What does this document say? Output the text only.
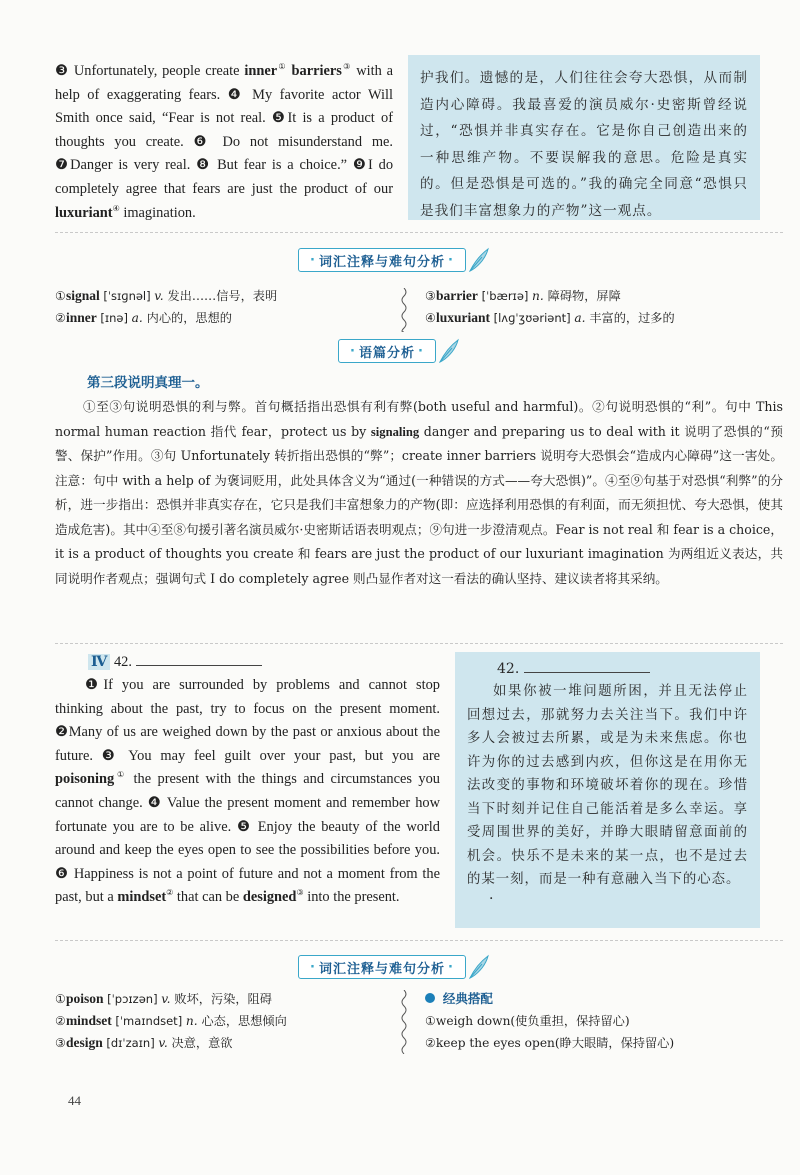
❸ Unfortunately, people create inner① barriers③ with a help of exaggerating fears. ❹ My favorite actor Will Smith once said, “Fear is not real. ❺It is a product of thoughts you create. ❻ Do not misunderstand me. ❼Danger is very real. ❽ But fear is a choice.” ❾I do completely agree that fears are just the product of our luxuriant④ imagination.

护我们。遗憾的是，人们往往会夸大恐惧，从而制造内心障碍。我最喜爱的演员威尔·史密斯曾经说过，“恐惧并非真实存在。它是你自己创造出来的一种思维产物。不要误解我的意思。危险是真实的。但是恐惧是可选的。”我的确完全同意“恐惧只是我们丰富想象力的产物”这一观点。

· 词汇注释与难句分析 ·
①signal [ˈsɪɡnəl] v. 发出……信号，表明
②inner [ɪnə] a. 内心的，思想的
③barrier [ˈbærɪə] n. 障碍物，屏障
④luxuriant [lʌɡˈʒʊəriənt] a. 丰富的，过多的
· 语篇分析 ·
第三段说明真理一。
①至③句说明恐惧的利与弊。首句概括指出恐惧有利有弊(both useful and harmful)。②句说明恐惧的“利”。句中 This normal human reaction 指代 fear，protect us by signaling danger and preparing us to deal with it 说明了恐惧的“预警、保护”作用。③句 Unfortunately 转折指出恐惧的“弊”；create inner barriers 说明夸大恐惧会“造成内心障碍”这一害处。注意：句中 with a help of 为褒词贬用，此处具体含义为“通过(一种错误的方式——夸大恐惧)”。④至⑨句基于对恐惧“利弊”的分析，进一步指出：恐惧并非真实存在，它只是我们丰富想象力的产物(即：应选择利用恐惧的有利面，而无须担忧、夸大恐惧，使其造成危害)。其中④至⑧句援引著名演员威尔·史密斯话语表明观点；⑨句进一步澄清观点。Fear is not real 和 fear is a choice，it is a product of thoughts you create 和 fears are just the product of our luxuriant imagination 为两组近义表达，共同说明作者观点；强调句式 I do completely agree 则凸显作者对这一看法的确认坚持、建议读者将其采纳。
Ⅳ 42.
❶If you are surrounded by problems and cannot stop thinking about the past, try to focus on the present moment. ❷Many of us are weighed down by the past or anxious about the future. ❸ You may feel guilt over your past, but you are poisoning① the present with the things and circumstances you cannot change. ❹ Value the present moment and remember how fortunate you are to be alive. ❺ Enjoy the beauty of the world around and keep the eyes open to see the possibilities before you. ❻ Happiness is not a point of future and not a moment from the past, but a mindset② that can be designed③ into the present.
42.

如果你被一堆问题所困，并且无法停止回想过去，那就努力去关注当下。我们中许多人会被过去所累，或是为未来焦虑。你也许为你的过去感到内疚，但你这是在用你无法改变的事物和环境破坏着你的现在。珍惜当下时刻并记住自己能活着是多么幸运。享受周围世界的美好，并睁大眼睛留意面前的机会。快乐不是未来的某一点，也不是过去的某一刻，而是一种有意融入当下的心态。

·
· 词汇注释与难句分析 ·
①poison [ˈpɔɪzən] v. 败坏，污染，阻碍
②mindset [ˈmaɪndset] n. 心态，思想倾向
③design [dɪˈzaɪn] v. 决意，意欲
经典搭配
①weigh down(使负重担，保持留心)
②keep the eyes open(睁大眼睛，保持留心)
44
